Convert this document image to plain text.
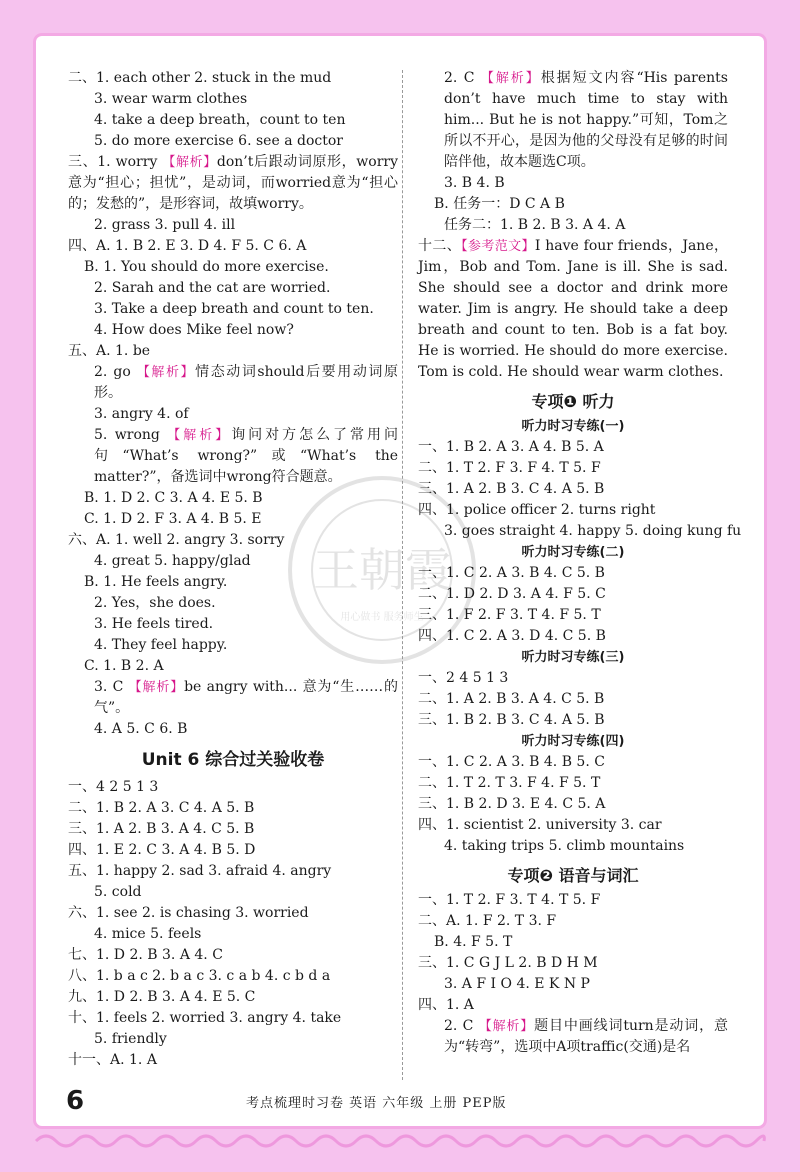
王朝霞
用心做书 服务师生
二、1. each other 2. stuck in the mud
3. wear warm clothes
4. take a deep breath，count to ten
5. do more exercise 6. see a doctor
三、1. worry 【解析】don’t后跟动词原形，worry意为“担心；担忧”，是动词，而worried意为“担心的；发愁的”，是形容词，故填worry。
2. grass 3. pull 4. ill
四、A. 1. B 2. E 3. D 4. F 5. C 6. A
B. 1. You should do more exercise.
2. Sarah and the cat are worried.
3. Take a deep breath and count to ten.
4. How does Mike feel now?
五、A. 1. be
2. go 【解析】情态动词should后要用动词原形。
3. angry 4. of
5. wrong 【解析】询问对方怎么了常用问句“What’s wrong?”或“What’s the matter?”，备选词中wrong符合题意。
B. 1. D 2. C 3. A 4. E 5. B
C. 1. D 2. F 3. A 4. B 5. E
六、A. 1. well 2. angry 3. sorry
4. great 5. happy/glad
B. 1. He feels angry.
2. Yes，she does.
3. He feels tired.
4. They feel happy.
C. 1. B 2. A
3. C 【解析】be angry with... 意为“生……的气”。
4. A 5. C 6. B
Unit 6 综合过关验收卷
一、4 2 5 1 3
二、1. B 2. A 3. C 4. A 5. B
三、1. A 2. B 3. A 4. C 5. B
四、1. E 2. C 3. A 4. B 5. D
五、1. happy 2. sad 3. afraid 4. angry
5. cold
六、1. see 2. is chasing 3. worried
4. mice 5. feels
七、1. D 2. B 3. A 4. C
八、1. b a c 2. b a c 3. c a b 4. c b d a
九、1. D 2. B 3. A 4. E 5. C
十、1. feels 2. worried 3. angry 4. take
5. friendly
十一、A. 1. A
2. C 【解析】根据短文内容“His parents don’t have much time to stay with him... But he is not happy.”可知，Tom之所以不开心，是因为他的父母没有足够的时间陪伴他，故本题选C项。
3. B 4. B
B. 任务一：D C A B
任务二：1. B 2. B 3. A 4. A
十二、【参考范文】I have four friends，Jane，Jim，Bob and Tom. Jane is ill. She is sad. She should see a doctor and drink more water. Jim is angry. He should take a deep breath and count to ten. Bob is a fat boy. He is worried. He should do more exercise. Tom is cold. He should wear warm clothes.
专项❶ 听力
听力时习专练(一)
一、1. B 2. A 3. A 4. B 5. A
二、1. T 2. F 3. F 4. T 5. F
三、1. A 2. B 3. C 4. A 5. B
四、1. police officer 2. turns right
3. goes straight 4. happy 5. doing kung fu
听力时习专练(二)
一、1. C 2. A 3. B 4. C 5. B
二、1. D 2. D 3. A 4. F 5. C
三、1. F 2. F 3. T 4. F 5. T
四、1. C 2. A 3. D 4. C 5. B
听力时习专练(三)
一、2 4 5 1 3
二、1. A 2. B 3. A 4. C 5. B
三、1. B 2. B 3. C 4. A 5. B
听力时习专练(四)
一、1. C 2. A 3. B 4. B 5. C
二、1. T 2. T 3. F 4. F 5. T
三、1. B 2. D 3. E 4. C 5. A
四、1. scientist 2. university 3. car
4. taking trips 5. climb mountains
专项❷ 语音与词汇
一、1. T 2. F 3. T 4. T 5. F
二、A. 1. F 2. T 3. F
B. 4. F 5. T
三、1. C G J L 2. B D H M
3. A F I O 4. E K N P
四、1. A
2. C 【解析】题目中画线词turn是动词，意为“转弯”，选项中A项traffic(交通)是名
6	考点梳理时习卷 英语 六年级 上册 PEP版
